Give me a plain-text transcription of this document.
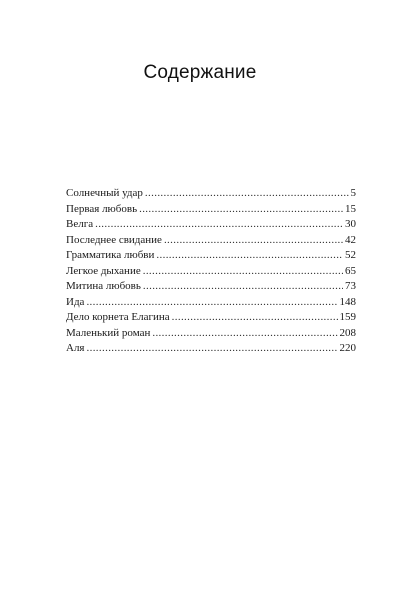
Содержание
Солнечный удар . . .	5
Первая любовь . . .	15
Велга . . .	30
Последнее свидание . . .	42
Грамматика любви . . .	52
Легкое дыхание . . .	65
Митина любовь . . .	73
Ида . . .	148
Дело корнета Елагина . . .	159
Маленький роман . . .	208
Аля . . .	220
